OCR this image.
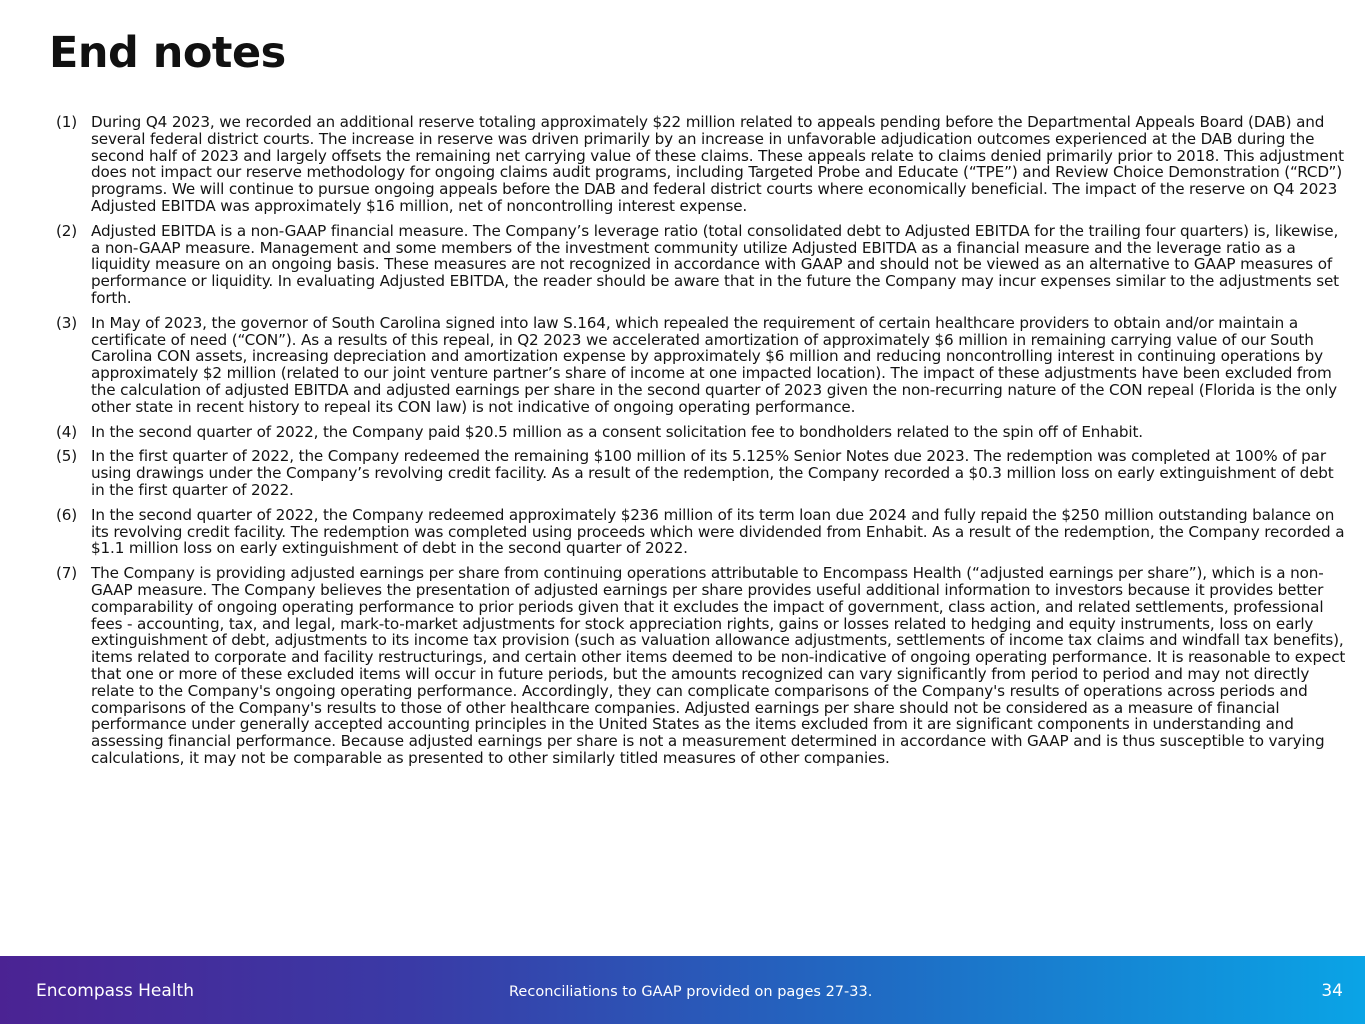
End notes
(1) During Q4 2023, we recorded an additional reserve totaling approximately $22 million related to appeals pending before the Departmental Appeals Board (DAB) and several federal district courts. The increase in reserve was driven primarily by an increase in unfavorable adjudication outcomes experienced at the DAB during the second half of 2023 and largely offsets the remaining net carrying value of these claims. These appeals relate to claims denied primarily prior to 2018. This adjustment does not impact our reserve methodology for ongoing claims audit programs, including Targeted Probe and Educate (“TPE”) and Review Choice Demonstration (“RCD”) programs. We will continue to pursue ongoing appeals before the DAB and federal district courts where economically beneficial. The impact of the reserve on Q4 2023 Adjusted EBITDA was approximately $16 million, net of noncontrolling interest expense.
(2) Adjusted EBITDA is a non-GAAP financial measure. The Company’s leverage ratio (total consolidated debt to Adjusted EBITDA for the trailing four quarters) is, likewise, a non-GAAP measure. Management and some members of the investment community utilize Adjusted EBITDA as a financial measure and the leverage ratio as a liquidity measure on an ongoing basis. These measures are not recognized in accordance with GAAP and should not be viewed as an alternative to GAAP measures of performance or liquidity. In evaluating Adjusted EBITDA, the reader should be aware that in the future the Company may incur expenses similar to the adjustments set forth.
(3) In May of 2023, the governor of South Carolina signed into law S.164, which repealed the requirement of certain healthcare providers to obtain and/or maintain a certificate of need (“CON”). As a results of this repeal, in Q2 2023 we accelerated amortization of approximately $6 million in remaining carrying value of our South Carolina CON assets, increasing depreciation and amortization expense by approximately $6 million and reducing noncontrolling interest in continuing operations by approximately $2 million (related to our joint venture partner’s share of income at one impacted location). The impact of these adjustments have been excluded from the calculation of adjusted EBITDA and adjusted earnings per share in the second quarter of 2023 given the non-recurring nature of the CON repeal (Florida is the only other state in recent history to repeal its CON law) is not indicative of ongoing operating performance.
(4) In the second quarter of 2022, the Company paid $20.5 million as a consent solicitation fee to bondholders related to the spin off of Enhabit.
(5) In the first quarter of 2022, the Company redeemed the remaining $100 million of its 5.125% Senior Notes due 2023. The redemption was completed at 100% of par using drawings under the Company’s revolving credit facility. As a result of the redemption, the Company recorded a $0.3 million loss on early extinguishment of debt in the first quarter of 2022.
(6) In the second quarter of 2022, the Company redeemed approximately $236 million of its term loan due 2024 and fully repaid the $250 million outstanding balance on its revolving credit facility. The redemption was completed using proceeds which were dividended from Enhabit. As a result of the redemption, the Company recorded a $1.1 million loss on early extinguishment of debt in the second quarter of 2022.
(7) The Company is providing adjusted earnings per share from continuing operations attributable to Encompass Health (“adjusted earnings per share”), which is a non-GAAP measure. The Company believes the presentation of adjusted earnings per share provides useful additional information to investors because it provides better comparability of ongoing operating performance to prior periods given that it excludes the impact of government, class action, and related settlements, professional fees - accounting, tax, and legal, mark-to-market adjustments for stock appreciation rights, gains or losses related to hedging and equity instruments, loss on early extinguishment of debt, adjustments to its income tax provision (such as valuation allowance adjustments, settlements of income tax claims and windfall tax benefits), items related to corporate and facility restructurings, and certain other items deemed to be non-indicative of ongoing operating performance. It is reasonable to expect that one or more of these excluded items will occur in future periods, but the amounts recognized can vary significantly from period to period and may not directly relate to the Company's ongoing operating performance. Accordingly, they can complicate comparisons of the Company's results of operations across periods and comparisons of the Company's results to those of other healthcare companies. Adjusted earnings per share should not be considered as a measure of financial performance under generally accepted accounting principles in the United States as the items excluded from it are significant components in understanding and assessing financial performance. Because adjusted earnings per share is not a measurement determined in accordance with GAAP and is thus susceptible to varying calculations, it may not be comparable as presented to other similarly titled measures of other companies.
Encompass Health	Reconciliations to GAAP provided on pages 27-33.	34
